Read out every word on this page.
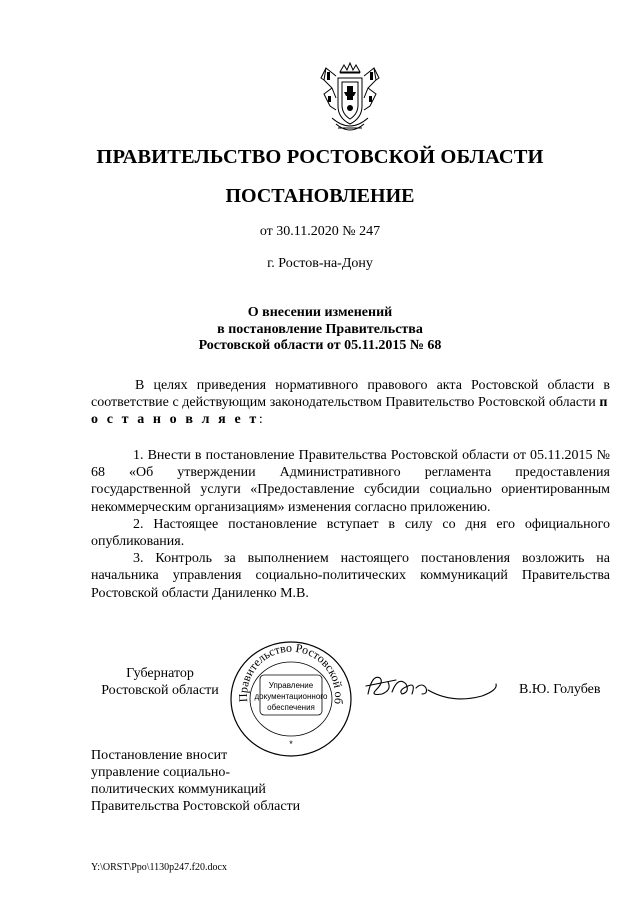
ПРАВИТЕЛЬСТВО РОСТОВСКОЙ ОБЛАСТИ
ПОСТАНОВЛЕНИЕ
от 30.11.2020 № 247
г. Ростов-на-Дону
О внесении изменений
в постановление Правительства
Ростовской области от 05.11.2015 № 68
В целях приведения нормативного правового акта Ростовской области в соответствие с действующим законодательством Правительство Ростовской области п о с т а н о в л я е т:

1. Внести в постановление Правительства Ростовской области от 05.11.2015 № 68 «Об утверждении Административного регламента предоставления государственной услуги «Предоставление субсидии социально ориентированным некоммерческим организациям» изменения согласно приложению.

2. Настоящее постановление вступает в силу со дня его официального опубликования.

3. Контроль за выполнением настоящего постановления возложить на начальника управления социально-политических коммуникаций Правительства Ростовской области Даниленко М.В.

Губернатор
Ростовской области	Правительство Ростовской об
Управление
документационного
обеспечения
*
В.Ю. Голубев
Постановление вносит
управление социально-
политических коммуникаций
Правительства Ростовской области
Y:\ORST\Ppo\1130p247.f20.docx
